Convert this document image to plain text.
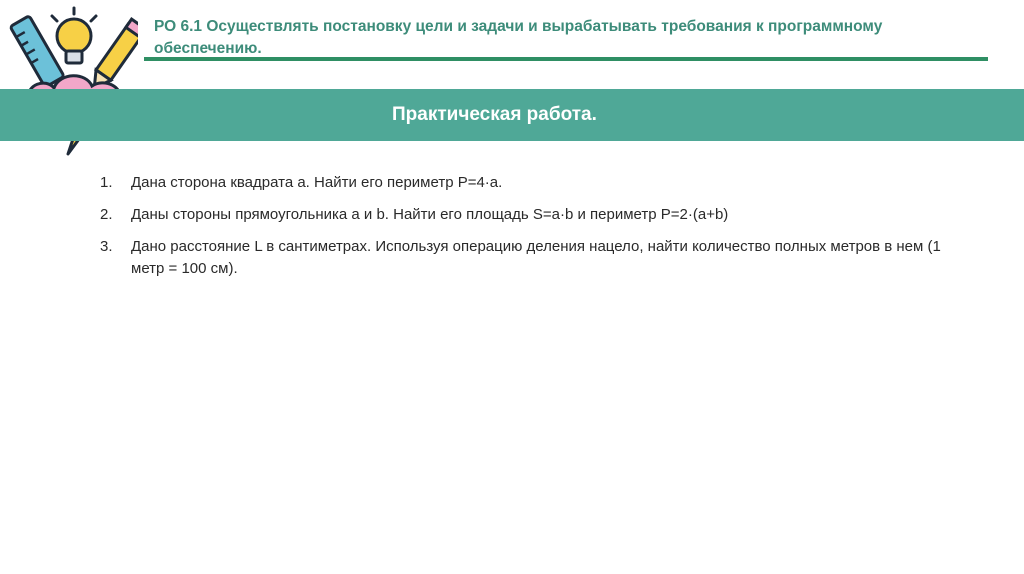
РО 6.1 Осуществлять постановку цели и задачи и вырабатывать требования к программному обеспечению.
Практическая работа.
1. Дана сторона квадрата a. Найти его периметр P=4·a.
2. Даны стороны прямоугольника a и b. Найти его площадь S=a·b и периметр P=2·(a+b)
3. Дано расстояние L в сантиметрах. Используя операцию деления нацело, найти количество полных метров в нем (1 метр = 100 см).
